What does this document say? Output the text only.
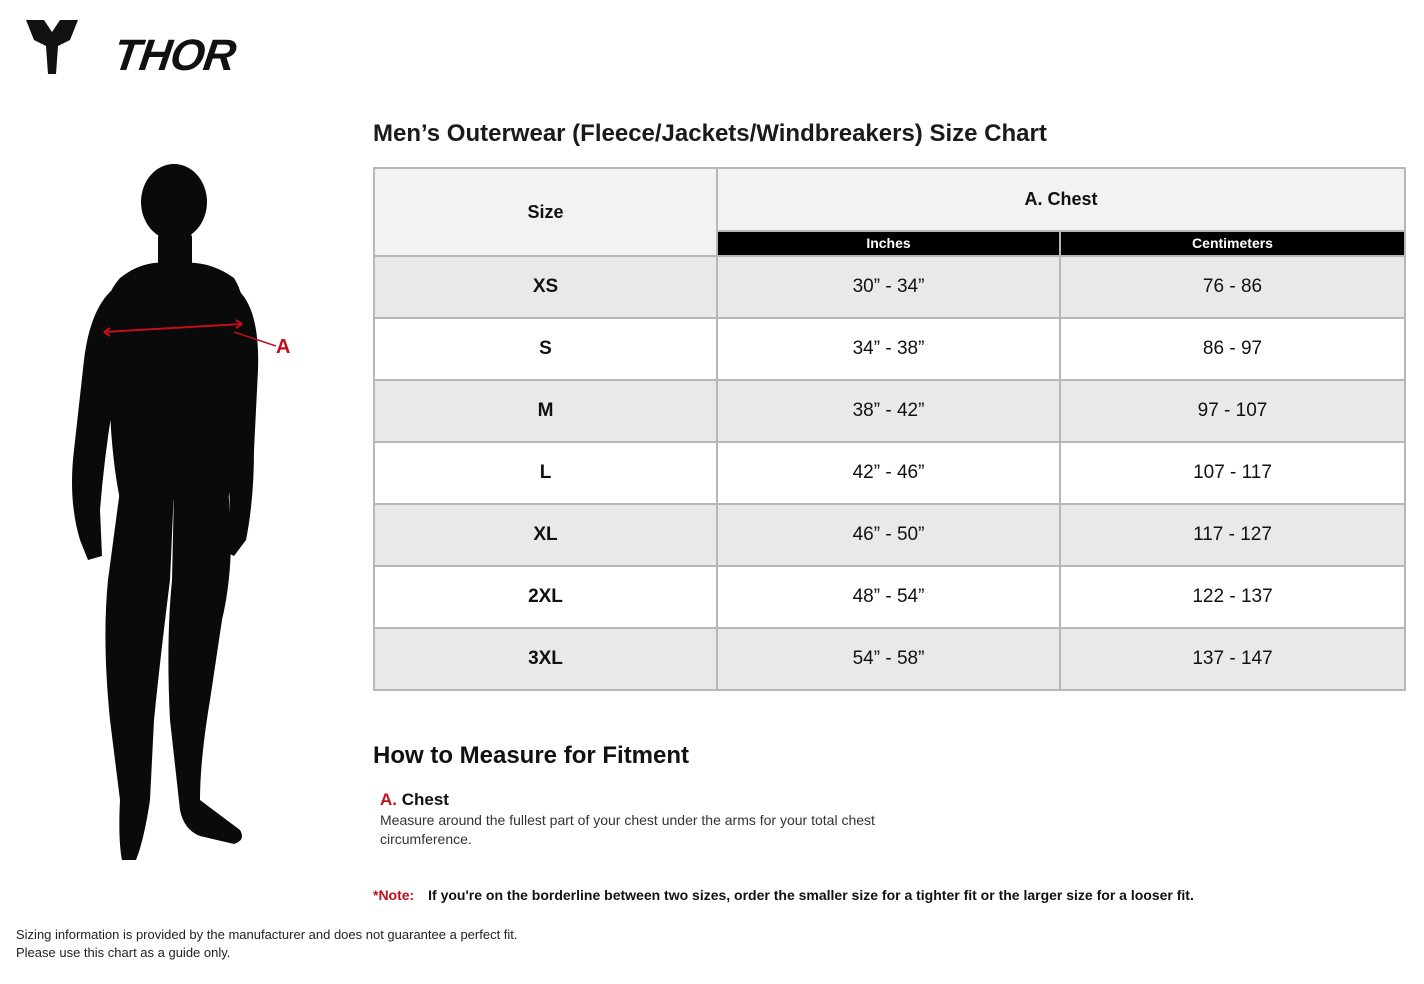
THOR
A
Men’s Outerwear (Fleece/Jackets/Windbreakers) Size Chart
Size	A. Chest	
	Inches	Centimeters
XS	30” - 34”	76 - 86
S	34” - 38”	86 - 97
M	38” - 42”	97 - 107
L	42” - 46”	107 - 117
XL	46” - 50”	117 - 127
2XL	48” - 54”	122 - 137
3XL	54” - 58”	137 - 147
How to Measure for Fitment
A. Chest
Measure around the fullest part of your chest under the arms for your total chest circumference.
*Note: If you're on the borderline between two sizes, order the smaller size for a tighter fit or the larger size for a looser fit.
Sizing information is provided by the manufacturer and does not guarantee a perfect fit.
Please use this chart as a guide only.
